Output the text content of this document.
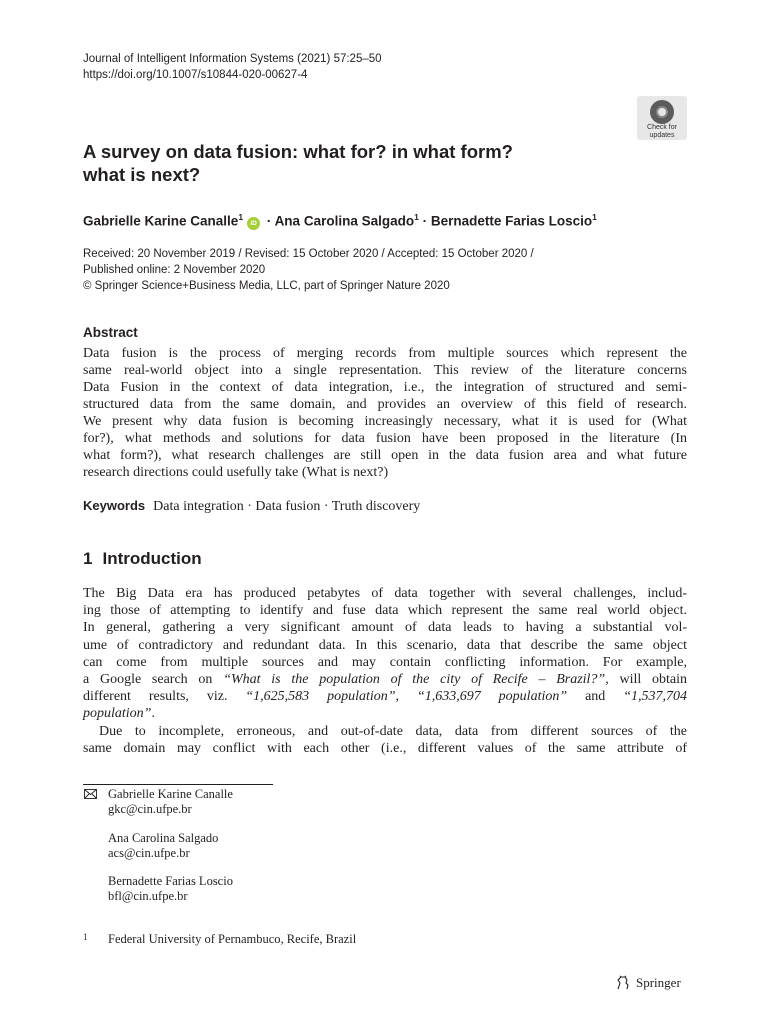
Journal of Intelligent Information Systems (2021) 57:25–50
https://doi.org/10.1007/s10844-020-00627-4
Check for
updates
A survey on data fusion: what for? in what form?
what is next?
Gabrielle Karine Canalle$^1$iD · Ana Carolina Salgado$^1$ · Bernadette Farias Loscio$^1$
Received: 20 November 2019 / Revised: 15 October 2020 / Accepted: 15 October 2020 /
Published online: 2 November 2020
© Springer Science+Business Media, LLC, part of Springer Nature 2020
Abstract
Data fusion is the process of merging records from multiple sources which represent the
same real-world object into a single representation. This review of the literature concerns
Data Fusion in the context of data integration, i.e., the integration of structured and semi-
structured data from the same domain, and provides an overview of this field of research.
We present why data fusion is becoming increasingly necessary, what it is used for (What
for?), what methods and solutions for data fusion have been proposed in the literature (In
what form?), what research challenges are still open in the data fusion area and what future
research directions could usefully take (What is next?)
Keywords Data integration · Data fusion · Truth discovery
1 Introduction
The Big Data era has produced petabytes of data together with several challenges, includ-
ing those of attempting to identify and fuse data which represent the same real world object.
In general, gathering a very significant amount of data leads to having a substantial vol-
ume of contradictory and redundant data. In this scenario, data that describe the same object
can come from multiple sources and may contain conflicting information. For example,
a Google search on “What is the population of the city of Recife – Brazil?”, will obtain
different results, viz. “1,625,583 population”, “1,633,697 population” and “1,537,704
population”.
Due to incomplete, erroneous, and out-of-date data, data from different sources of the
same domain may conflict with each other (i.e., different values of the same attribute of
Gabrielle Karine Canalle
gkc@cin.ufpe.br
Ana Carolina Salgado
acs@cin.ufpe.br
Bernadette Farias Loscio
bfl@cin.ufpe.br
1 Federal University of Pernambuco, Recife, Brazil
Springer
